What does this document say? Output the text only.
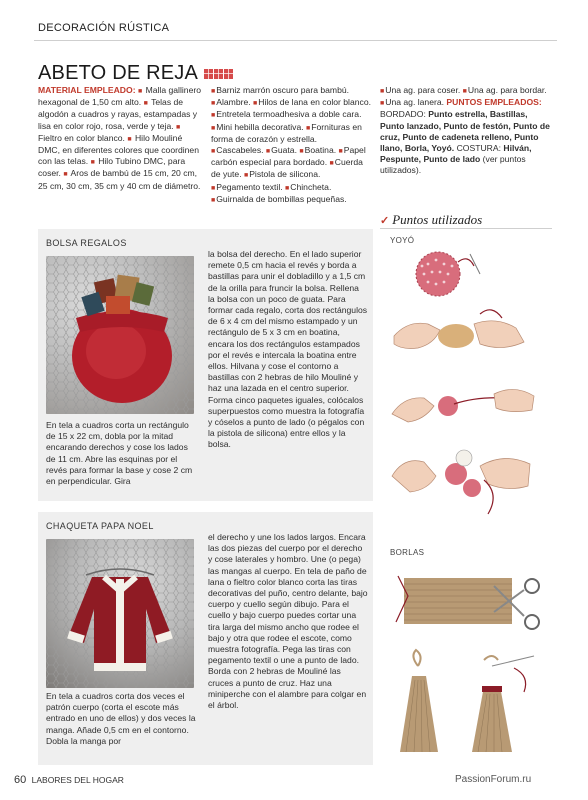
DECORACIÓN RÚSTICA
ABETO DE REJA
MATERIAL EMPLEADO: ■ Malla gallinero hexagonal de 1,50 cm alto. ■ Telas de algodón a cuadros y rayas, estampadas y lisa en color rojo, rosa, verde y teja. ■ Fieltro en color blanco. ■ Hilo Mouliné DMC, en diferentes colores que coordinen con las telas. ■ Hilo Tubino DMC, para coser. ■ Aros de bambú de 15 cm, 20 cm, 25 cm, 30 cm, 35 cm y 40 cm de diámetro.
■Barniz marrón oscuro para bambú. ■Alambre. ■Hilos de lana en color blanco. ■Entretela termoadhesiva a doble cara. ■Mini hebilla decorativa. ■Fornituras en forma de corazón y estrella. ■Cascabeles. ■Guata. ■Boatina. ■Papel carbón especial para bordado. ■Cuerda de yute. ■Pistola de silicona. ■Pegamento textil. ■Chincheta. ■Guirnalda de bombillas pequeñas.
■Una ag. para coser. ■Una ag. para bordar. ■Una ag. lanera. PUNTOS EMPLEADOS: BORDADO: Punto estrella, Bastillas, Punto lanzado, Punto de festón, Punto de cruz, Punto de cadeneta relleno, Punto llano, Borla, Yoyó. COSTURA: Hilván, Pespunte, Punto de lado (ver puntos utilizados).
BOLSA REGALOS
la bolsa del derecho. En el lado superior remete 0,5 cm hacia el revés y borda a bastillas para unir el dobladillo y a 1,5 cm de la orilla para fruncir la bolsa. Rellena la bolsa con un poco de guata. Para formar cada regalo, corta dos rectángulos de 6 x 4 cm del mismo estampado y un rectángulo de 5 x 3 cm en boatina, encara los dos rectángulos estampados por el revés e intercala la boatina entre ellos. Hilvana y cose el contorno a bastillas con 2 hebras de hilo Mouliné y haz una lazada en el centro superior. Forma cinco paquetes iguales, colócalos superpuestos como muestra la fotografía y cóselos a punto de lado (o pégalos con la pistola de silicona) entre ellos y la bolsa.
En tela a cuadros corta un rectángulo de 15 x 22 cm, dobla por la mitad encarando derechos y cose los lados de 11 cm. Abre las esquinas por el revés para formar la base y cose 2 cm en perpendicular. Gira
CHAQUETA PAPA NOEL
el derecho y une los lados largos. Encara las dos piezas del cuerpo por el derecho y cose laterales y hombro. Une (o pega) las mangas al cuerpo. En tela de paño de lana o fieltro color blanco corta las tiras decorativas del puño, centro delante, bajo cuerpo y cuello según dibujo. Para el cuello y bajo cuerpo puedes cortar una tira larga del mismo ancho que rodee el bajo y otra que rodee el escote, como muestra fotografía. Pega las tiras con pegamento textil o une a punto de lado. Borda con 2 hebras de Mouliné las cruces a punto de cruz. Haz una miniperche con el alambre para colgar en el árbol.
En tela a cuadros corta dos veces el patrón cuerpo (corta el escote más entrado en uno de ellos) y dos veces la manga. Añade 0,5 cm en el contorno. Dobla la manga por
✓ Puntos utilizados
YOYÓ
BORLAS
60 LABORES DEL HOGAR	PassionForum.ru
